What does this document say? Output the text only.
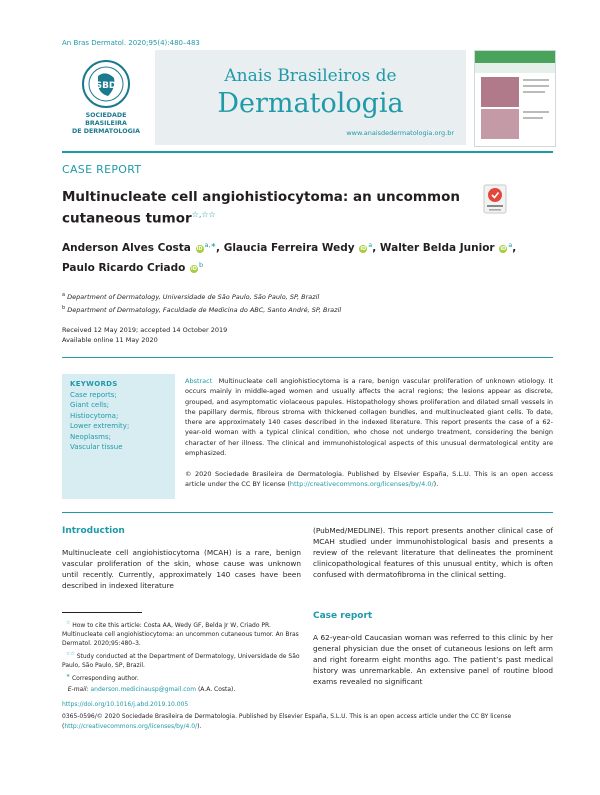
An Bras Dermatol. 2020;95(4):480–483
SBD
SOCIEDADE BRASILEIRA
DE DERMATOLOGIA
Anais Brasileiros de
Dermatologia
www.anaisdedermatologia.org.br
CASE REPORT
Multinucleate cell angiohistiocytoma: an uncommon
cutaneous tumor☆,☆☆
Anderson Alves Costa iD $^{a,∗}$, Glaucia Ferreira Wedy iD $^a$, Walter Belda Junior iD $^a$,
Paulo Ricardo Criado iD $^b$
$^a$ Department of Dermatology, Universidade de São Paulo, São Paulo, SP, Brazil
$^b$ Department of Dermatology, Faculdade de Medicina do ABC, Santo André, SP, Brazil
Received 12 May 2019; accepted 14 October 2019
Available online 11 May 2020
KEYWORDS
Case reports;
Giant cells;
Histiocytoma;
Lower extremity;
Neoplasms;
Vascular tissue
Abstract Multinucleate cell angiohistiocytoma is a rare, benign vascular proliferation of unknown etiology. It occurs mainly in middle-aged women and usually affects the acral regions; the lesions appear as discrete, grouped, and asymptomatic violaceous papules. Histopathology shows proliferation and dilated small vessels in the papillary dermis, fibrous stroma with thickened collagen bundles, and multinucleated giant cells. To date, there are approximately 140 cases described in the indexed literature. This report presents the case of a 62-year-old woman with a typical clinical condition, who chose not undergo treatment, considering the benign character of her illness. The clinical and immunohistological aspects of this unusual dermatological entity are emphasized.
© 2020 Sociedade Brasileira de Dermatologia. Published by Elsevier España, S.L.U. This is an open access article under the CC BY license (http://creativecommons.org/licenses/by/4.0/).
Introduction
Multinucleate cell angiohistiocytoma (MCAH) is a rare, benign vascular proliferation of the skin, whose cause was unknown until recently. Currently, approximately 140 cases have been described in indexed literature
(PubMed/MEDLINE). This report presents another clinical case of MCAH studied under immunohistological basis and presents a review of the relevant literature that delineates the prominent clinicopathological features of this unusual entity, which is often confused with dermatofibroma in the clinical setting.
Case report
A 62-year-old Caucasian woman was referred to this clinic by her general physician due the onset of cutaneous lesions on left arm and right forearm eight months ago. The patient’s past medical history was unremarkable. An extensive panel of routine blood exams revealed no significant

☆ How to cite this article: Costa AA, Wedy GF, Belda Jr W, Criado PR. Multinucleate cell angiohistiocytoma: an uncommon cutaneous tumor. An Bras Dermatol. 2020;95:480–3.

☆☆ Study conducted at the Department of Dermatology, Universidade de São Paulo, São Paulo, SP, Brazil.

∗ Corresponding author.

E-mail: anderson.medicinausp@gmail.com (A.A. Costa).

https://doi.org/10.1016/j.abd.2019.10.005
0365-0596/© 2020 Sociedade Brasileira de Dermatologia. Published by Elsevier España, S.L.U. This is an open access article under the CC BY license (http://creativecommons.org/licenses/by/4.0/).
